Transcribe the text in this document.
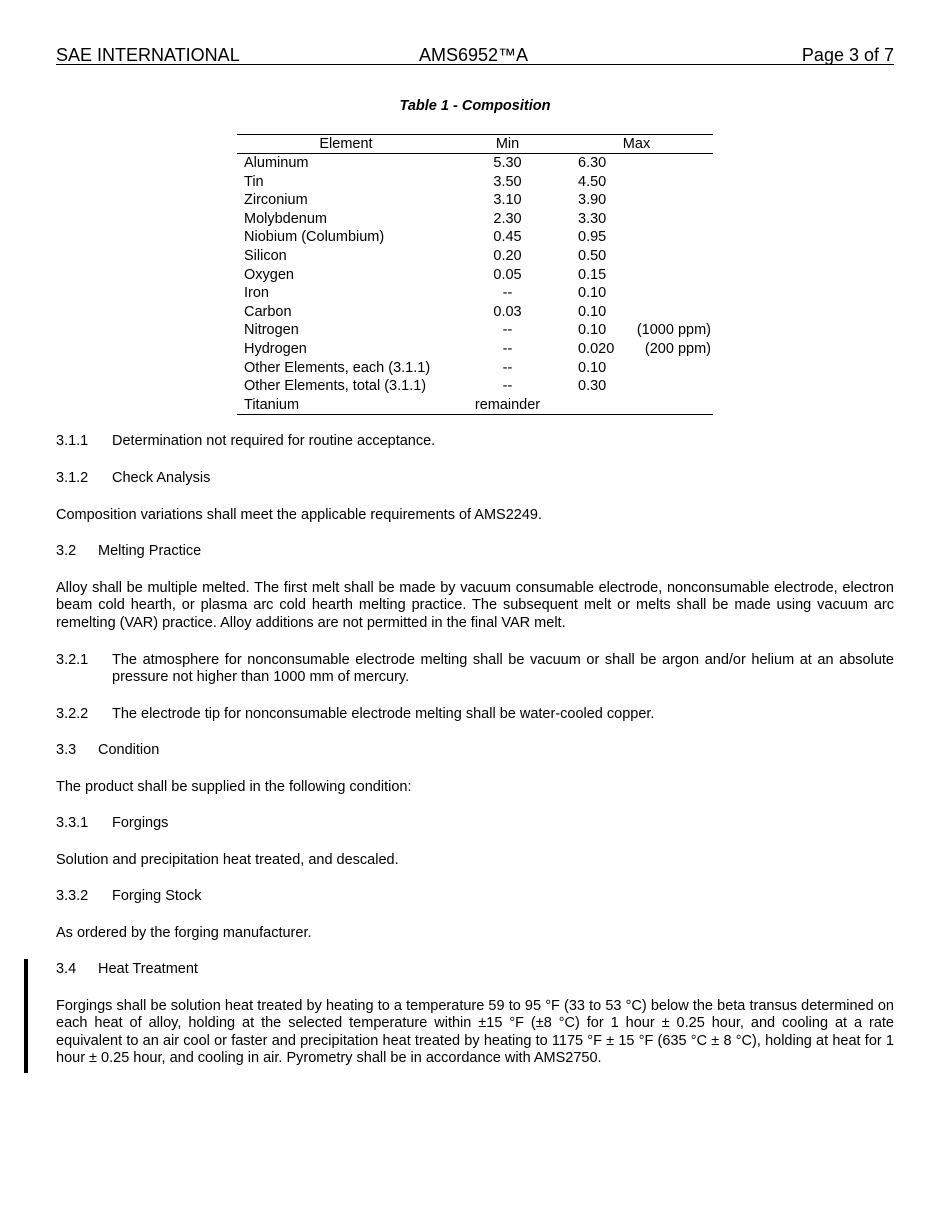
SAE INTERNATIONAL	AMS6952™A	Page 3 of 7
Table 1 - Composition
Element	Min	Max
Aluminum	5.30	6.30
Tin	3.50	4.50
Zirconium	3.10	3.90
Molybdenum	2.30	3.30
Niobium (Columbium)	0.45	0.95
Silicon	0.20	0.50
Oxygen	0.05	0.15
Iron	--	0.10
Carbon	0.03	0.10
Nitrogen	--	0.10 (1000 ppm)
Hydrogen	--	0.020 (200 ppm)
Other Elements, each (3.1.1)	--	0.10
Other Elements, total (3.1.1)	--	0.30
Titanium	remainder
3.1.1 Determination not required for routine acceptance.
3.1.2 Check Analysis

Composition variations shall meet the applicable requirements of AMS2249.

3.2 Melting Practice

Alloy shall be multiple melted. The first melt shall be made by vacuum consumable electrode, nonconsumable electrode, electron beam cold hearth, or plasma arc cold hearth melting practice. The subsequent melt or melts shall be made using vacuum arc remelting (VAR) practice. Alloy additions are not permitted in the final VAR melt.

3.2.1 The atmosphere for nonconsumable electrode melting shall be vacuum or shall be argon and/or helium at an absolute pressure not higher than 1000 mm of mercury.
3.2.2 The electrode tip for nonconsumable electrode melting shall be water-cooled copper.
3.3 Condition

The product shall be supplied in the following condition:

3.3.1 Forgings

Solution and precipitation heat treated, and descaled.

3.3.2 Forging Stock

As ordered by the forging manufacturer.

3.4 Heat Treatment

Forgings shall be solution heat treated by heating to a temperature 59 to 95 °F (33 to 53 °C) below the beta transus determined on each heat of alloy, holding at the selected temperature within ±15 °F (±8 °C) for 1 hour ± 0.25 hour, and cooling at a rate equivalent to an air cool or faster and precipitation heat treated by heating to 1175 °F ± 15 °F (635 °C ± 8 °C), holding at heat for 1 hour ± 0.25 hour, and cooling in air. Pyrometry shall be in accordance with AMS2750.
